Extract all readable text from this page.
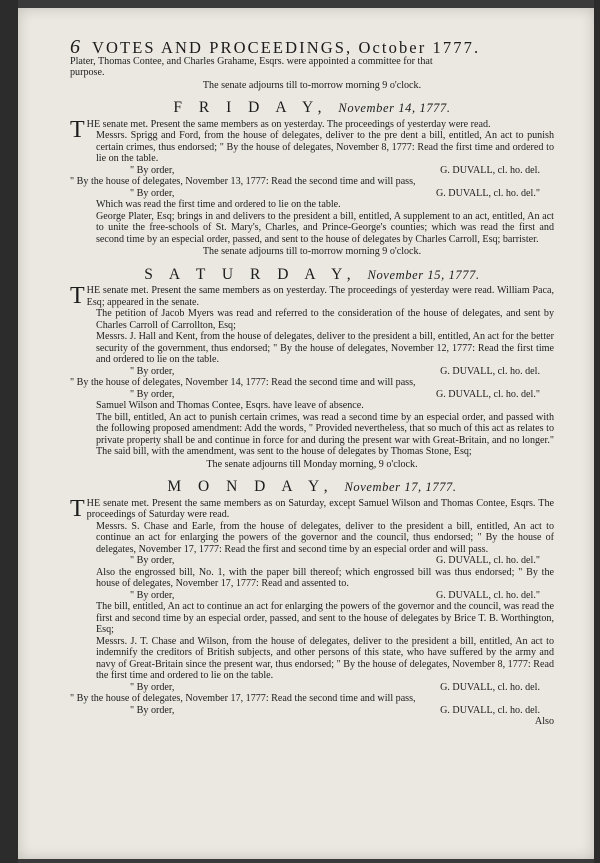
6 VOTES AND PROCEEDINGS, October 1777.

Plater, Thomas Contee, and Charles Grahame, Esqrs. were appointed a committee for that

purpose.

The senate adjourns till to-morrow morning 9 o'clock.

F R I D A Y, November 14, 1777.

THE senate met. Present the same members as on yesterday. The proceedings of yesterday were read.

Messrs. Sprigg and Ford, from the house of delegates, deliver to the pre dent a bill, entitled, An act to punish certain crimes, thus endorsed; " By the house of delegates, November 8, 1777: Read the first time and ordered to lie on the table.

" By order,	G. DUVALL, cl. ho. del.

" By the house of delegates, November 13, 1777: Read the second time and will pass,

" By order,	G. DUVALL, cl. ho. del."

Which was read the first time and ordered to lie on the table.

George Plater, Esq; brings in and delivers to the president a bill, entitled, A supplement to an act, entitled, An act to unite the free-schools of St. Mary's, Charles, and Prince-George's counties; which was read the first and second time by an especial order, passed, and sent to the house of delegates by Charles Carroll, Esq; barrister.

The senate adjourns till to-morrow morning 9 o'clock.

S A T U R D A Y, November 15, 1777.

THE senate met. Present the same members as on yesterday. The proceedings of yesterday were read. William Paca, Esq; appeared in the senate.

The petition of Jacob Myers was read and referred to the consideration of the house of delegates, and sent by Charles Carroll of Carrollton, Esq;

Messrs. J. Hall and Kent, from the house of delegates, deliver to the president a bill, entitled, An act for the better security of the government, thus endorsed; " By the house of delegates, November 12, 1777: Read the first time and ordered to lie on the table.

" By order,	G. DUVALL, cl. ho. del.

" By the house of delegates, November 14, 1777: Read the second time and will pass,

" By order,	G. DUVALL, cl. ho. del."

Samuel Wilson and Thomas Contee, Esqrs. have leave of absence.

The bill, entitled, An act to punish certain crimes, was read a second time by an especial order, and passed with the following proposed amendment: Add the words, " Provided nevertheless, that so much of this act as relates to private property shall be and continue in force for and during the present war with Great-Britain, and no longer." The said bill, with the amendment, was sent to the house of delegates by Thomas Stone, Esq;

The senate adjourns till Monday morning, 9 o'clock.

M O N D A Y, November 17, 1777.

THE senate met. Present the same members as on Saturday, except Samuel Wilson and Thomas Contee, Esqrs. The proceedings of Saturday were read.

Messrs. S. Chase and Earle, from the house of delegates, deliver to the president a bill, entitled, An act to continue an act for enlarging the powers of the governor and the council, thus endorsed; " By the house of delegates, November 17, 1777: Read the first and second time by an especial order and will pass.

" By order,	G. DUVALL, cl. ho. del."

Also the engrossed bill, No. 1, with the paper bill thereof; which engrossed bill was thus endorsed; " By the house of delegates, November 17, 1777: Read and assented to.

" By order,	G. DUVALL, cl. ho. del."

The bill, entitled, An act to continue an act for enlarging the powers of the governor and the council, was read the first and second time by an especial order, passed, and sent to the house of delegates by Brice T. B. Worthington, Esq;

Messrs. J. T. Chase and Wilson, from the house of delegates, deliver to the president a bill, entitled, An act to indemnify the creditors of British subjects, and other persons of this state, who have suffered by the army and navy of Great-Britain since the present war, thus endorsed; " By the house of delegates, November 8, 1777: Read the first time and ordered to lie on the table.

" By order,	G. DUVALL, cl. ho. del.

" By the house of delegates, November 17, 1777: Read the second time and will pass,

" By order,	G. DUVALL, cl. ho. del.

Also
